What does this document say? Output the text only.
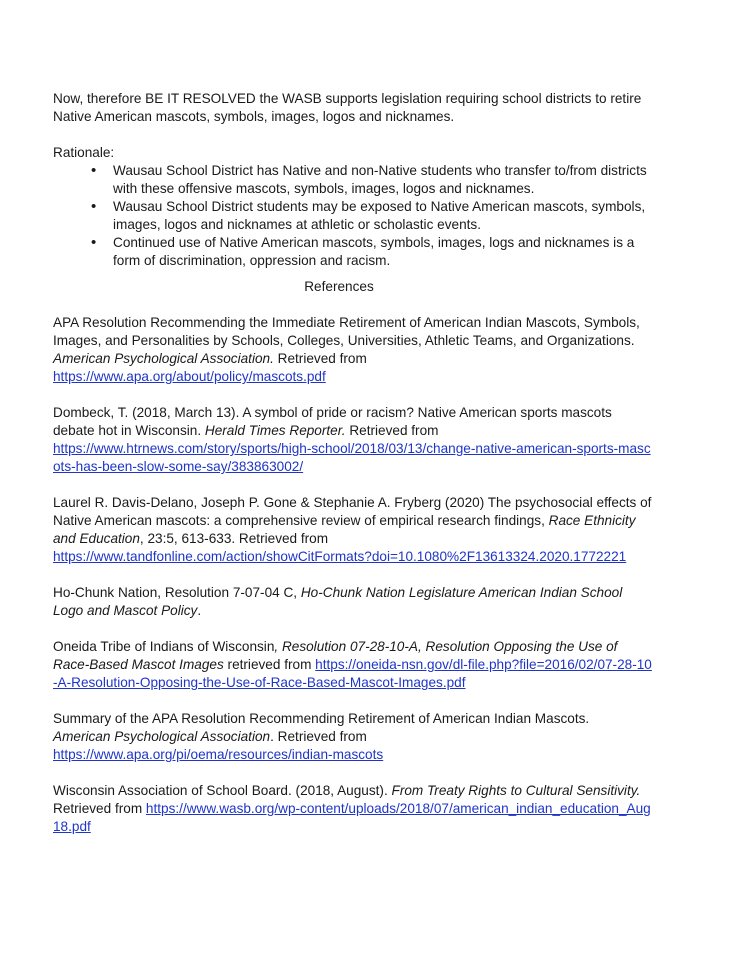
Now, therefore BE IT RESOLVED the WASB supports legislation requiring school districts to retire Native American mascots, symbols, images, logos and nicknames.

Rationale:

• Wausau School District has Native and non-Native students who transfer to/from districts with these offensive mascots, symbols, images, logos and nicknames.
• Wausau School District students may be exposed to Native American mascots, symbols, images, logos and nicknames at athletic or scholastic events.
• Continued use of Native American mascots, symbols, images, logs and nicknames is a form of discrimination, oppression and racism.

References

APA Resolution Recommending the Immediate Retirement of American Indian Mascots, Symbols, Images, and Personalities by Schools, Colleges, Universities, Athletic Teams, and Organizations. American Psychological Association. Retrieved from
https://www.apa.org/about/policy/mascots.pdf

Dombeck, T. (2018, March 13). A symbol of pride or racism? Native American sports mascots debate hot in Wisconsin. Herald Times Reporter. Retrieved from
https://www.htrnews.com/story/sports/high-school/2018/03/13/change-native-american-sports-mascots-has-been-slow-some-say/383863002/

Laurel R. Davis-Delano, Joseph P. Gone & Stephanie A. Fryberg (2020) The psychosocial effects of Native American mascots: a comprehensive review of empirical research findings, Race Ethnicity and Education, 23:5, 613-633. Retrieved from
https://www.tandfonline.com/action/showCitFormats?doi=10.1080%2F13613324.2020.1772221

Ho-Chunk Nation, Resolution 7-07-04 C, Ho-Chunk Nation Legislature American Indian School Logo and Mascot Policy.

Oneida Tribe of Indians of Wisconsin, Resolution 07-28-10-A, Resolution Opposing the Use of Race-Based Mascot Images retrieved from https://oneida-nsn.gov/dl-file.php?file=2016/02/07-28-10-A-Resolution-Opposing-the-Use-of-Race-Based-Mascot-Images.pdf

Summary of the APA Resolution Recommending Retirement of American Indian Mascots.
American Psychological Association. Retrieved from
https://www.apa.org/pi/oema/resources/indian-mascots

Wisconsin Association of School Board. (2018, August). From Treaty Rights to Cultural Sensitivity. Retrieved from https://www.wasb.org/wp-content/uploads/2018/07/american_indian_education_Aug18.pdf
